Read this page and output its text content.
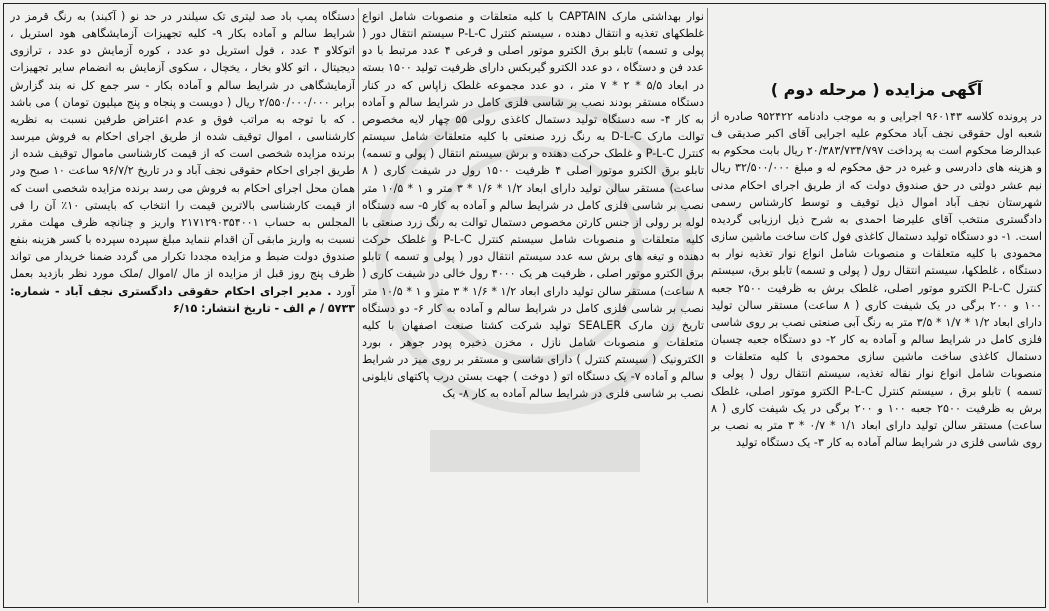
آگهی مزایده ( مرحله دوم )

در پرونده کلاسه ۹۶۰۱۴۳ اجرایی و به موجب دادنامه ۹۵۲۴۲۲ صادره از شعبه اول حقوقی نجف آباد محکوم علیه اجرایی آقای اکبر صدیقی ف عبدالرضا محکوم است به پرداخت ۲۰/۳۸۳/۷۳۴/۷۹۷ ریال بابت محکوم به و هزینه های دادرسی و غیره در حق محکوم له و مبلغ ۳۲/۵۰۰/۰۰۰ ریال نیم عشر دولتی در حق صندوق دولت که از طریق اجرای احکام مدنی شهرستان نجف آباد اموال ذیل توقیف و توسط کارشناس رسمی دادگستری منتخب آقای علیرضا احمدی به شرح ذیل ارزیابی گردیده است. ۱- دو دستگاه تولید دستمال کاغذی فول کات ساخت ماشین سازی محمودی با کلیه متعلقات و منصوبات شامل انواع نوار تغذیه نوار به دستگاه ، غلطکها، سیستم انتقال رول ( پولی و تسمه) تابلو برق، سیستم کنترل P-L-C الکترو موتور اصلی، غلطک برش به ظرفیت ۲۵۰۰ جعبه ۱۰۰ و ۲۰۰ برگی در یک شیفت کاری ( ۸ ساعت) مستقر سالن تولید دارای ابعاد ۱/۲ * ۱/۷ * ۳/۵ متر به رنگ آبی صنعتی نصب بر روی شاسی فلزی کامل در شرایط سالم و آماده به کار ۲- دو دستگاه جعبه چسبان دستمال کاغذی ساخت ماشین سازی محمودی با کلیه متعلقات و منصوبات شامل انواع نوار نقاله تغذیه، سیستم انتقال رول ( پولی و تسمه ) تابلو برق ، سیستم کنترل P-L-C الکترو موتور اصلی، غلطک برش به ظرفیت ۲۵۰۰ جعبه ۱۰۰ و ۲۰۰ برگی در یک شیفت کاری ( ۸ ساعت) مستقر سالن تولید دارای ابعاد ۱/۱ * ۰/۷ * ۳ متر به نصب بر روی شاسی فلزی در شرایط سالم آماده به کار ۳- یک دستگاه تولید

نوار بهداشتی مارک CAPTAIN با کلیه متعلقات و منصوبات شامل انواع غلطکهای تغذیه و انتقال دهنده ، سیستم کنترل P-L-C سیستم انتقال دور ( پولی و تسمه) تابلو برق الکترو موتور اصلی و فرعی ۴ عدد مرتبط با دو عدد فن و دستگاه ، دو عدد الکترو گیربکس دارای ظرفیت تولید ۱۵۰۰ بسته در ابعاد ۵/۵ * ۲ * ۷ متر ، دو عدد مجموعه غلطک زاپاس که در کنار دستگاه مستقر بودند نصب بر شاسی فلزی کامل در شرایط سالم و آماده به کار ۴- سه دستگاه تولید دستمال کاغذی رولی ۵۵ چهار لایه مخصوص توالت مارک D-L-C به رنگ زرد صنعتی با کلیه متعلقات شامل سیستم کنترل P-L-C و غلطک حرکت دهنده و برش سیستم انتقال ( پولی و تسمه) تابلو برق الکترو موتور اصلی ۴ ظرفیت ۱۵۰۰ رول در شیفت کاری ( ۸ ساعت) مستقر سالن تولید دارای ابعاد ۱/۲ * ۱/۶ * ۳ متر و ۱ * ۱۰/۵ متر نصب بر شاسی فلزی کامل در شرایط سالم و آماده به کار ۵- سه دستگاه لوله بر رولی از جنس کارتن مخصوص دستمال توالت به رنگ زرد صنعتی با کلیه متعلقات و منصوبات شامل سیستم کنترل P-L-C و غلطک حرکت دهنده و تیغه های برش سه عدد سیستم انتقال دور ( پولی و تسمه ) تابلو برق الکترو موتور اصلی ، ظرفیت هر یک ۴۰۰۰ رول خالی در شیفت کاری ( ۸ ساعت) مستقر سالن تولید دارای ابعاد ۱/۲ * ۱/۶ * ۳ متر و ۱ * ۱۰/۵ متر نصب بر شاسی فلزی کامل در شرایط سالم و آماده به کار ۶- دو دستگاه تاریخ زن مارک SEALER تولید شرکت کشتا صنعت اصفهان با کلیه متعلقات و منصوبات شامل نازل ، مخزن ذخیره پودر جوهر ، بورد الکترونیک ( سیستم کنترل ) دارای شاسی و مستقر بر روی میز در شرایط سالم و آماده ۷- یک دستگاه اتو ( دوخت ) جهت بستن درب پاکتهای نایلونی نصب بر شاسی فلزی در شرایط سالم آماده به کار ۸- یک

دستگاه پمپ باد صد لیتری تک سیلندر در حد نو ( آکبند) به رنگ قرمز در شرایط سالم و آماده بکار ۹- کلیه تجهیزات آزمایشگاهی هود استریل ، اتوکلاو ۴ عدد ، فول استریل دو عدد ، کوره آزمایش دو عدد ، ترازوی دیجیتال ، اتو کلاو بخار ، یخچال ، سکوی آزمایش به انضمام سایر تجهیزات آزمایشگاهی در شرایط سالم و آماده بکار - سر جمع کل نه بند گزارش برابر ۲/۵۵۰/۰۰۰/۰۰۰ ریال ( دویست و پنجاه و پنج میلیون تومان ) می باشد . که با توجه به مراتب فوق و عدم اعتراض طرفین نسبت به نظریه کارشناسی ، اموال توقیف شده از طریق اجرای احکام به فروش میرسد برنده مزایده شخصی است که از قیمت کارشناسی ماموال توقیف شده از طریق اجرای احکام حقوقی نجف آباد و در تاریخ ۹۶/۷/۲ ساعت ۱۰ صبح ودر همان محل اجرای احکام به فروش می رسد برنده مزایده شخصی است که از قیمت کارشناسی بالاترین قیمت را انتخاب که بایستی ۱۰٪ آن را فی المجلس به حساب ۲۱۷۱۲۹۰۳۵۴۰۰۱ واریز و چنانچه ظرف مهلت مقرر نسبت به واریز مابقی آن اقدام ننماید مبلغ سپرده سپرده با کسر هزینه بنفع صندوق دولت ضبط و مزایده مجددا تکرار می گردد ضمنا خریدار می تواند ظرف پنج روز قبل از مزایده از مال /اموال /ملک مورد نظر بازدید بعمل آورد . مدیر اجرای احکام حقوقی دادگستری نجف آباد - شماره: ۵۷۳۳ / م الف - تاریخ انتشار: ۶/۱۵
